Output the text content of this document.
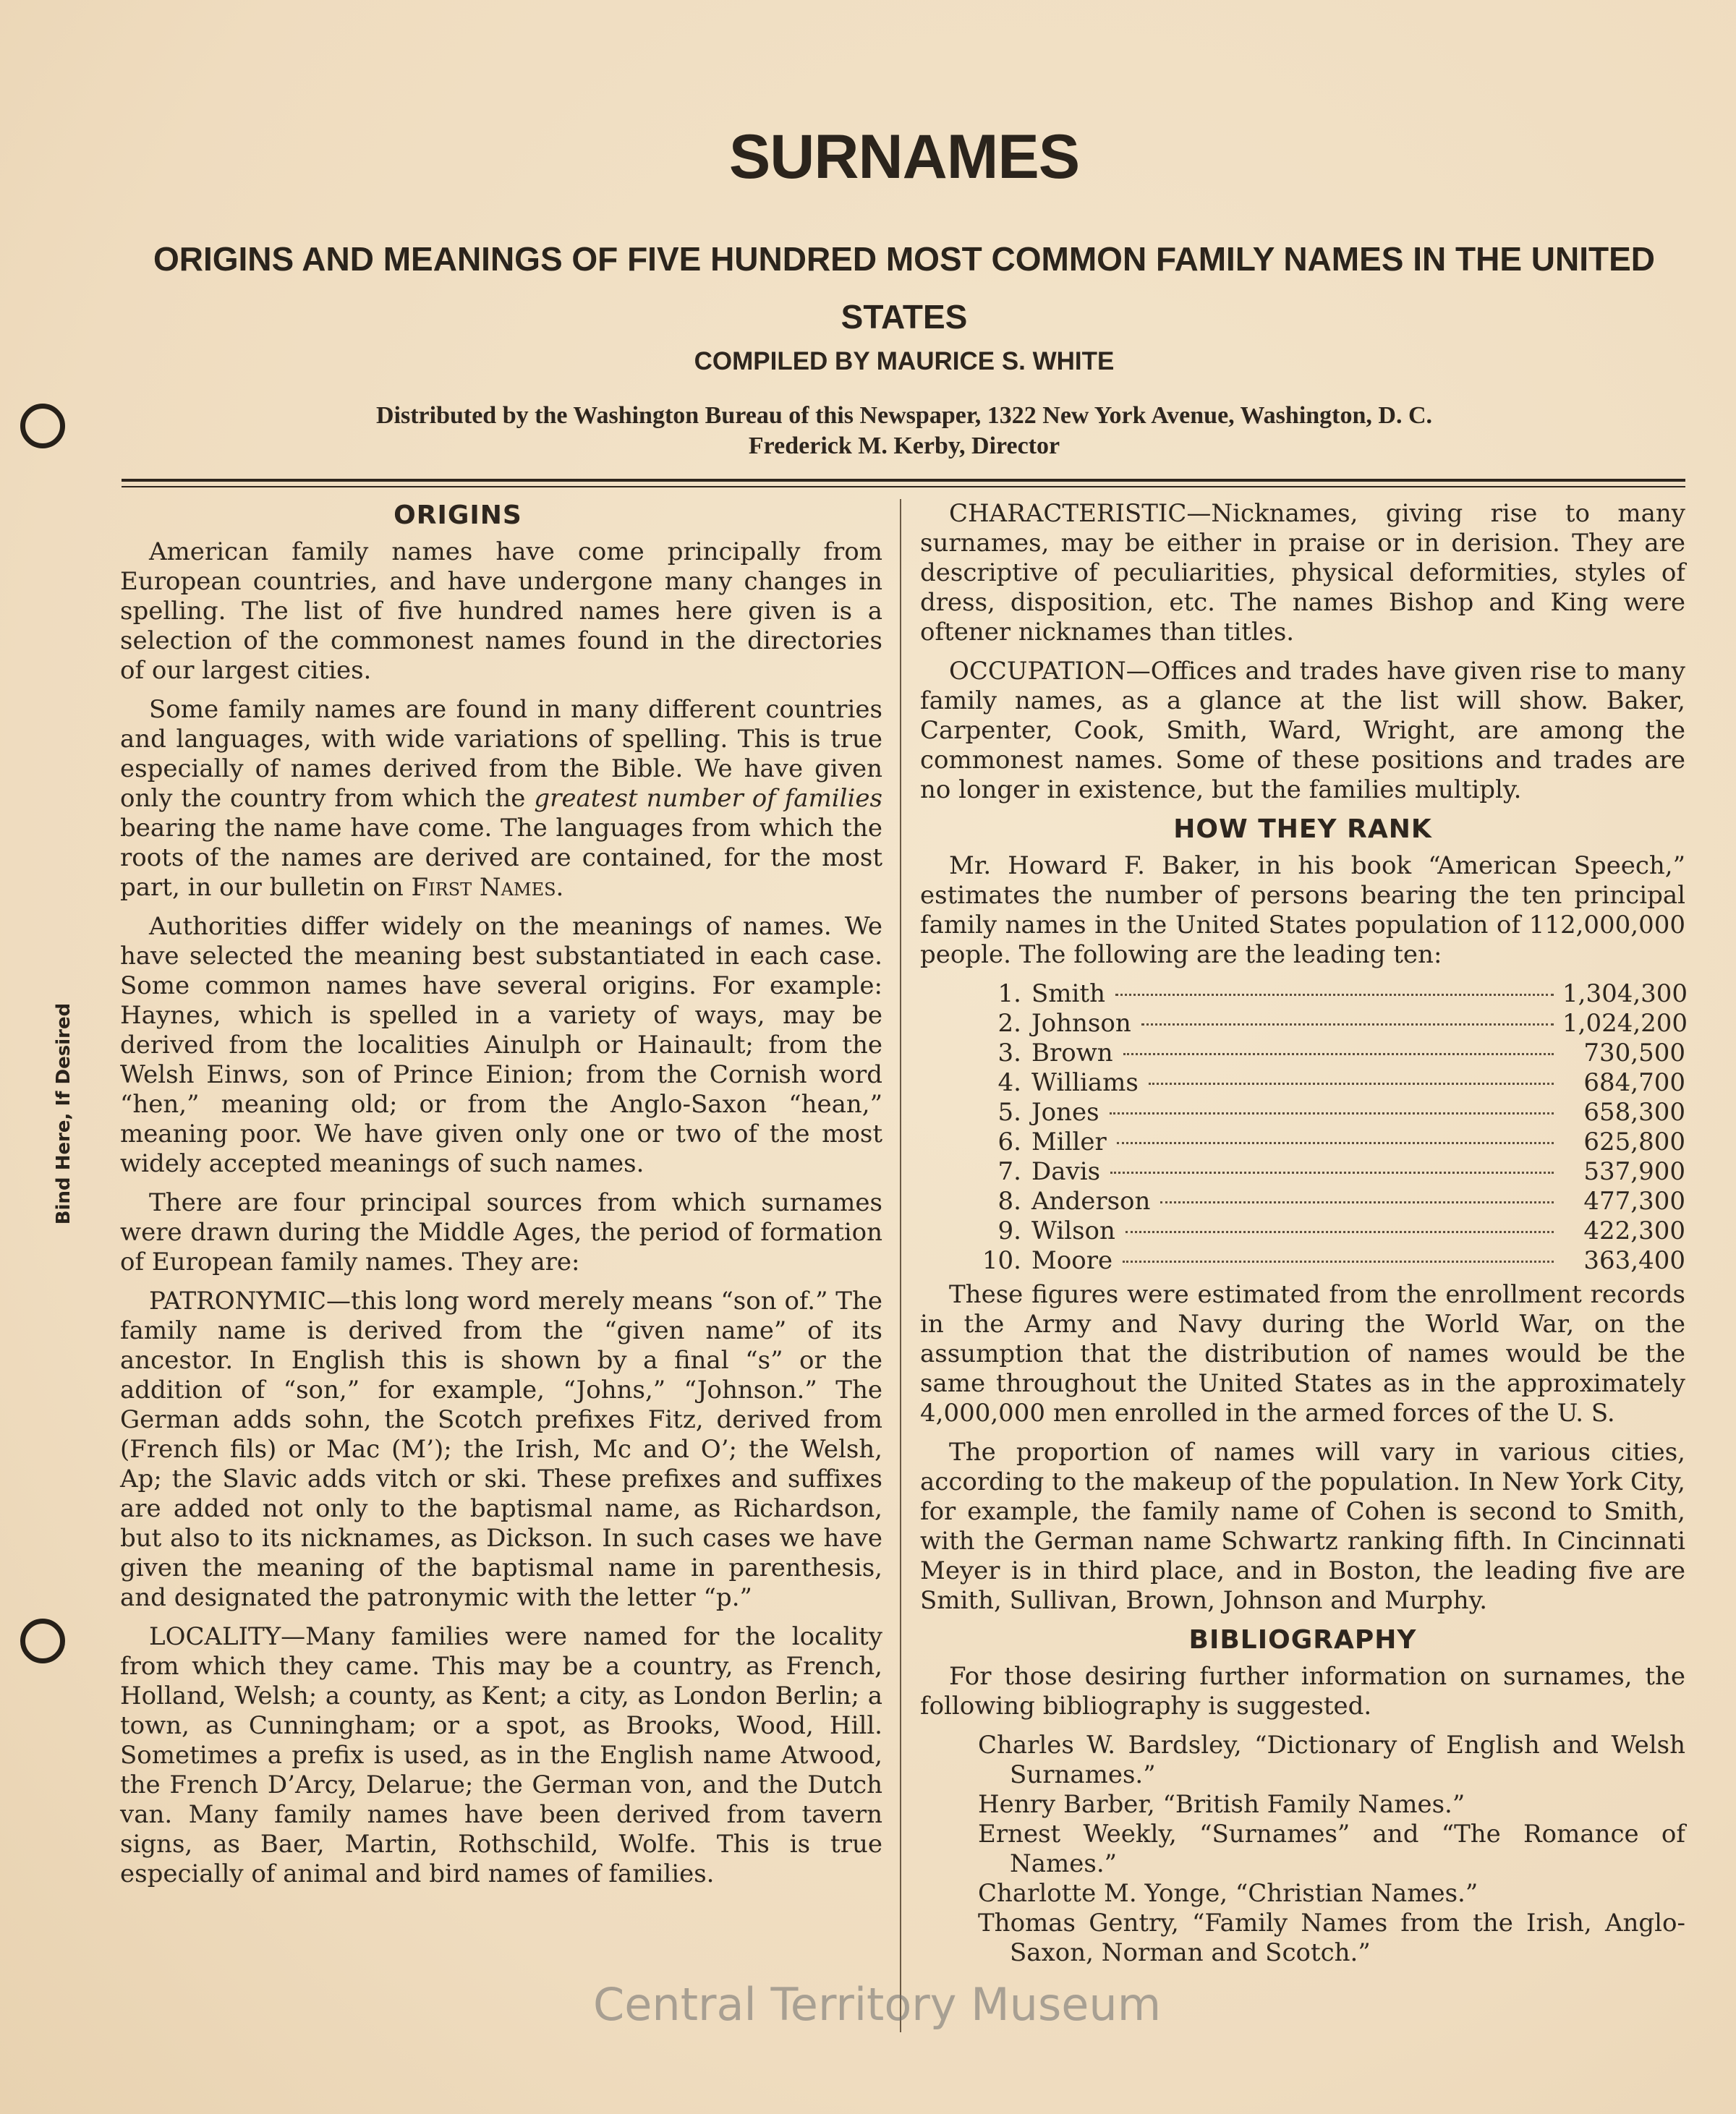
Bind Here, If Desired
SURNAMES
ORIGINS AND MEANINGS OF FIVE HUNDRED MOST COMMON FAMILY NAMES IN THE UNITED STATES
COMPILED BY MAURICE S. WHITE
Distributed by the Washington Bureau of this Newspaper, 1322 New York Avenue, Washington, D. C.
Frederick M. Kerby, Director
ORIGINS

American family names have come principally from European countries, and have undergone many changes in spelling. The list of five hundred names here given is a selection of the commonest names found in the directories of our largest cities.

Some family names are found in many different countries and languages, with wide variations of spelling. This is true especially of names derived from the Bible. We have given only the country from which the greatest number of families bearing the name have come. The languages from which the roots of the names are derived are contained, for the most part, in our bulletin on First Names.

Authorities differ widely on the meanings of names. We have selected the meaning best substantiated in each case. Some common names have several origins. For example: Haynes, which is spelled in a variety of ways, may be derived from the localities Ainulph or Hainault; from the Welsh Einws, son of Prince Einion; from the Cornish word “hen,” meaning old; or from the Anglo-Saxon “hean,” meaning poor. We have given only one or two of the most widely accepted meanings of such names.

There are four principal sources from which surnames were drawn during the Middle Ages, the period of formation of European family names. They are:

PATRONYMIC—this long word merely means “son of.” The family name is derived from the “given name” of its ancestor. In English this is shown by a final “s” or the addition of “son,” for example, “Johns,” “Johnson.” The German adds sohn, the Scotch prefixes Fitz, derived from (French fils) or Mac (M’); the Irish, Mc and O’; the Welsh, Ap; the Slavic adds vitch or ski. These prefixes and suffixes are added not only to the baptismal name, as Richardson, but also to its nicknames, as Dickson. In such cases we have given the meaning of the baptismal name in parenthesis, and designated the patronymic with the letter “p.”

LOCALITY—Many families were named for the locality from which they came. This may be a country, as French, Holland, Welsh; a county, as Kent; a city, as London Berlin; a town, as Cunningham; or a spot, as Brooks, Wood, Hill. Sometimes a prefix is used, as in the English name Atwood, the French D’Arcy, Delarue; the German von, and the Dutch van. Many family names have been derived from tavern signs, as Baer, Martin, Rothschild, Wolfe. This is true especially of animal and bird names of families.

CHARACTERISTIC—Nicknames, giving rise to many surnames, may be either in praise or in derision. They are descriptive of peculiarities, physical deformities, styles of dress, disposition, etc. The names Bishop and King were oftener nicknames than titles.

OCCUPATION—Offices and trades have given rise to many family names, as a glance at the list will show. Baker, Carpenter, Cook, Smith, Ward, Wright, are among the commonest names. Some of these positions and trades are no longer in existence, but the families multiply.

HOW THEY RANK

Mr. Howard F. Baker, in his book “American Speech,” estimates the number of persons bearing the ten principal family names in the United States population of 112,000,000 people. The following are the leading ten:

1. Smith	1,304,300
2. Johnson	1,024,200
3. Brown	730,500
4. Williams	684,700
5. Jones	658,300
6. Miller	625,800
7. Davis	537,900
8. Anderson	477,300
9. Wilson	422,300
10. Moore	363,400

These figures were estimated from the enrollment records in the Army and Navy during the World War, on the assumption that the distribution of names would be the same throughout the United States as in the approximately 4,000,000 men enrolled in the armed forces of the U. S.

The proportion of names will vary in various cities, according to the makeup of the population. In New York City, for example, the family name of Cohen is second to Smith, with the German name Schwartz ranking fifth. In Cincinnati Meyer is in third place, and in Boston, the leading five are Smith, Sullivan, Brown, Johnson and Murphy.

BIBLIOGRAPHY

For those desiring further information on surnames, the following bibliography is suggested.

Charles W. Bardsley, “Dictionary of English and Welsh Surnames.”
Henry Barber, “British Family Names.”
Ernest Weekly, “Surnames” and “The Romance of Names.”
Charlotte M. Yonge, “Christian Names.”
Thomas Gentry, “Family Names from the Irish, Anglo-Saxon, Norman and Scotch.”
Central Territory Museum
